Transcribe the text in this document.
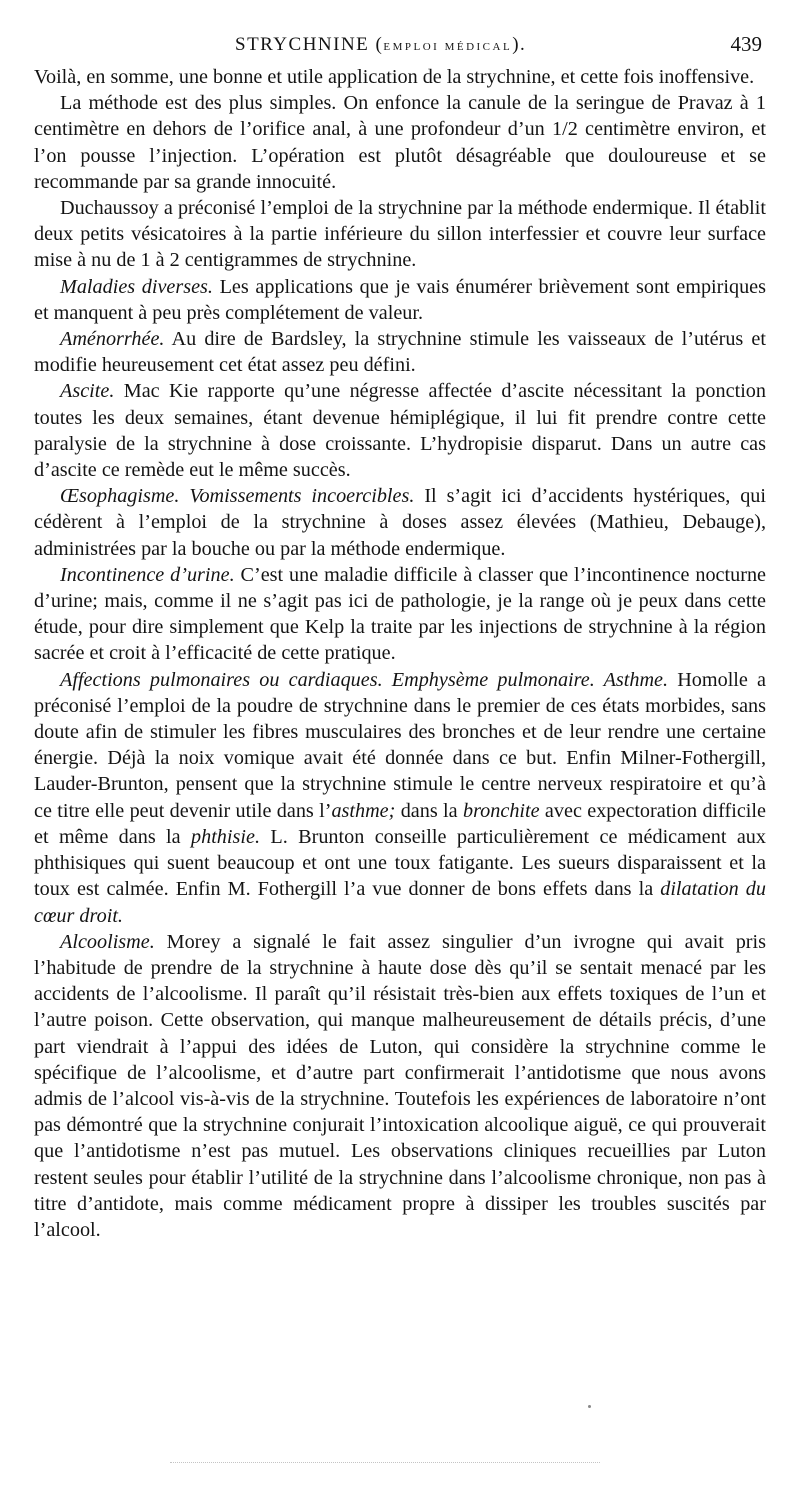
STRYCHNINE (EMPLOI MÉDICAL).	439

Voilà, en somme, une bonne et utile application de la strychnine, et cette fois inoffensive.

La méthode est des plus simples. On enfonce la canule de la seringue de Pravaz à 1 centimètre en dehors de l’orifice anal, à une profondeur d’un 1/2 centimètre environ, et l’on pousse l’injection. L’opération est plutôt désagréable que douloureuse et se recommande par sa grande innocuité.

Duchaussoy a préconisé l’emploi de la strychnine par la méthode endermique. Il établit deux petits vésicatoires à la partie inférieure du sillon interfessier et couvre leur surface mise à nu de 1 à 2 centigrammes de strychnine.

Maladies diverses. Les applications que je vais énumérer brièvement sont empiriques et manquent à peu près complétement de valeur.

Aménorrhée. Au dire de Bardsley, la strychnine stimule les vaisseaux de l’utérus et modifie heureusement cet état assez peu défini.

Ascite. Mac Kie rapporte qu’une négresse affectée d’ascite nécessitant la ponction toutes les deux semaines, étant devenue hémiplégique, il lui fit prendre contre cette paralysie de la strychnine à dose croissante. L’hydropisie disparut. Dans un autre cas d’ascite ce remède eut le même succès.

Œsophagisme. Vomissements incoercibles. Il s’agit ici d’accidents hystériques, qui cédèrent à l’emploi de la strychnine à doses assez élevées (Mathieu, Debauge), administrées par la bouche ou par la méthode endermique.

Incontinence d’urine. C’est une maladie difficile à classer que l’incontinence nocturne d’urine; mais, comme il ne s’agit pas ici de pathologie, je la range où je peux dans cette étude, pour dire simplement que Kelp la traite par les injections de strychnine à la région sacrée et croit à l’efficacité de cette pratique.

Affections pulmonaires ou cardiaques. Emphysème pulmonaire. Asthme. Homolle a préconisé l’emploi de la poudre de strychnine dans le premier de ces états morbides, sans doute afin de stimuler les fibres musculaires des bronches et de leur rendre une certaine énergie. Déjà la noix vomique avait été donnée dans ce but. Enfin Milner-Fothergill, Lauder-Brunton, pensent que la strychnine stimule le centre nerveux respiratoire et qu’à ce titre elle peut devenir utile dans l’asthme; dans la bronchite avec expectoration difficile et même dans la phthisie. L. Brunton conseille particulièrement ce médicament aux phthisiques qui suent beaucoup et ont une toux fatigante. Les sueurs disparaissent et la toux est calmée. Enfin M. Fothergill l’a vue donner de bons effets dans la dilatation du cœur droit.

Alcoolisme. Morey a signalé le fait assez singulier d’un ivrogne qui avait pris l’habitude de prendre de la strychnine à haute dose dès qu’il se sentait menacé par les accidents de l’alcoolisme. Il paraît qu’il résistait très-bien aux effets toxiques de l’un et l’autre poison. Cette observation, qui manque malheureusement de détails précis, d’une part viendrait à l’appui des idées de Luton, qui considère la strychnine comme le spécifique de l’alcoolisme, et d’autre part confirmerait l’antidotisme que nous avons admis de l’alcool vis-à-vis de la strychnine. Toutefois les expériences de laboratoire n’ont pas démontré que la strychnine conjurait l’intoxication alcoolique aiguë, ce qui prouverait que l’antidotisme n’est pas mutuel. Les observations cliniques recueillies par Luton restent seules pour établir l’utilité de la strychnine dans l’alcoolisme chronique, non pas à titre d’antidote, mais comme médicament propre à dissiper les troubles suscités par l’alcool.
